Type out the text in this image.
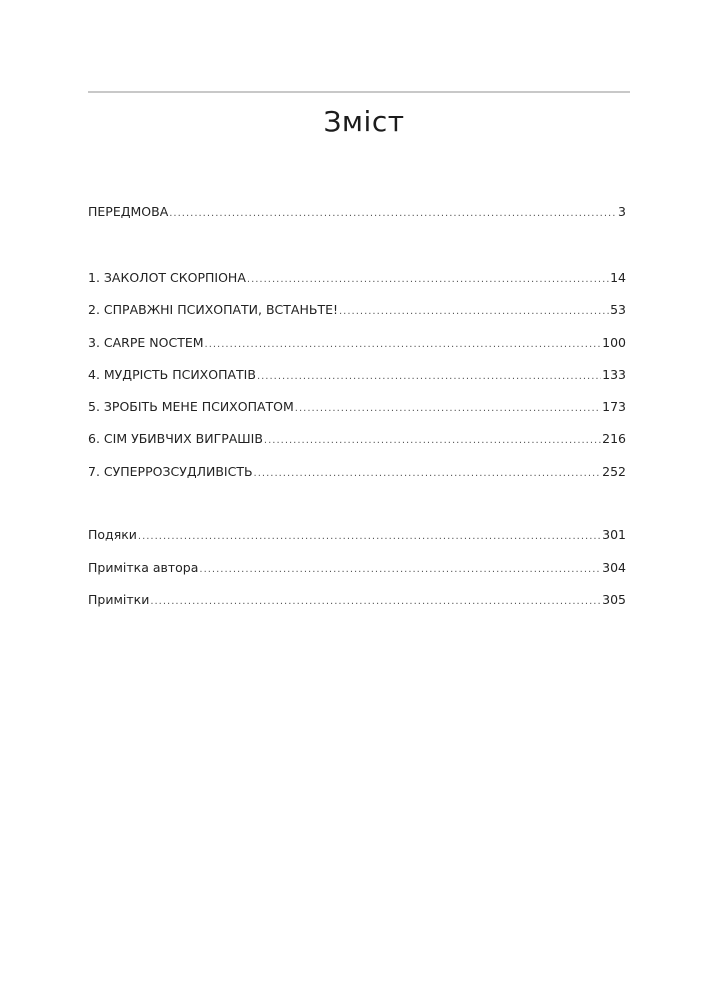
Зміст
ПЕРЕДМОВА .....	3
1. ЗАКОЛОТ СКОРПІОНА .....	14
2. СПРАВЖНІ ПСИХОПАТИ, ВСТАНЬТЕ! .....	53
3. CARPE NOCTEM .....	100
4. МУДРІСТЬ ПСИХОПАТІВ .....	133
5. ЗРОБІТЬ МЕНЕ ПСИХОПАТОМ .....	173
6. СІМ УБИВЧИХ ВИГРАШІВ .....	216
7. СУПЕРРОЗСУДЛИВІСТЬ .....	252
Подяки .....	301
Примітка автора .....	304
Примітки .....	305
